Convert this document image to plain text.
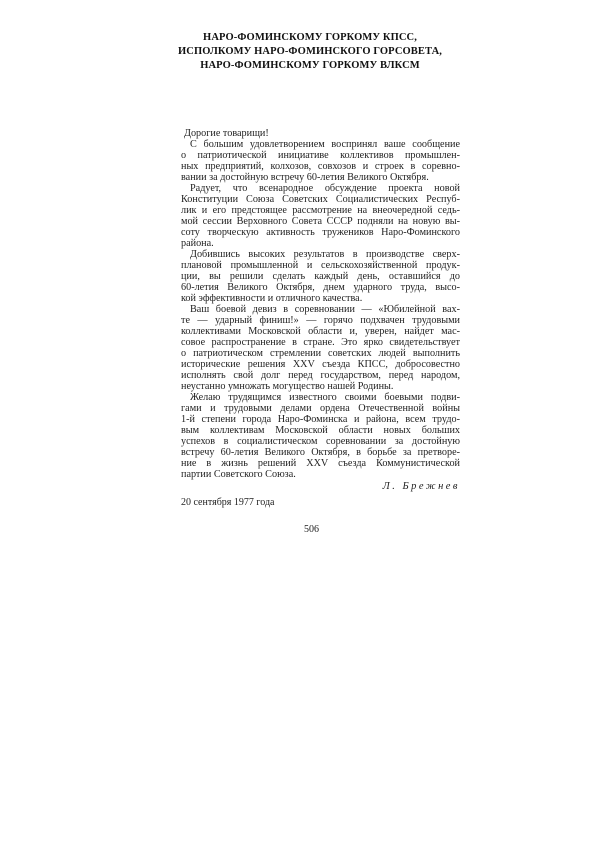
НАРО-ФОМИНСКОМУ ГОРКОМУ КПСС,
ИСПОЛКОМУ НАРО-ФОМИНСКОГО ГОРСОВЕТА,
НАРО-ФОМИНСКОМУ ГОРКОМУ ВЛКСМ
Дорогие товарищи!
С большим удовлетворением воспринял ваше сообщение
о патриотической инициативе коллективов промышлен-
ных предприятий, колхозов, совхозов и строек в соревно-
вании за достойную встречу 60-летия Великого Октября.
Радует, что всенародное обсуждение проекта новой
Конституции Союза Советских Социалистических Респуб-
лик и его предстоящее рассмотрение на внеочередной седь-
мой сессии Верховного Совета СССР подняли на новую вы-
соту творческую активность тружеников Наро-Фоминского
района.
Добившись высоких результатов в производстве сверх-
плановой промышленной и сельскохозяйственной продук-
ции, вы решили сделать каждый день, оставшийся до
60-летия Великого Октября, днем ударного труда, высо-
кой эффективности и отличного качества.
Ваш боевой девиз в соревновании — «Юбилейной вах-
те — ударный финиш!» — горячо подхвачен трудовыми
коллективами Московской области и, уверен, найдет мас-
совое распространение в стране. Это ярко свидетельствует
о патриотическом стремлении советских людей выполнить
исторические решения XXV съезда КПСС, добросовестно
исполнять свой долг перед государством, перед народом,
неустанно умножать могущество нашей Родины.
Желаю трудящимся известного своими боевыми подви-
гами и трудовыми делами ордена Отечественной войны
1-й степени города Наро-Фоминска и района, всем трудо-
вым коллективам Московской области новых больших
успехов в социалистическом соревновании за достойную
встречу 60-летия Великого Октября, в борьбе за претворе-
ние в жизнь решений XXV съезда Коммунистической
партии Советского Союза.
Л. Брежнев
20 сентября 1977 года
506
